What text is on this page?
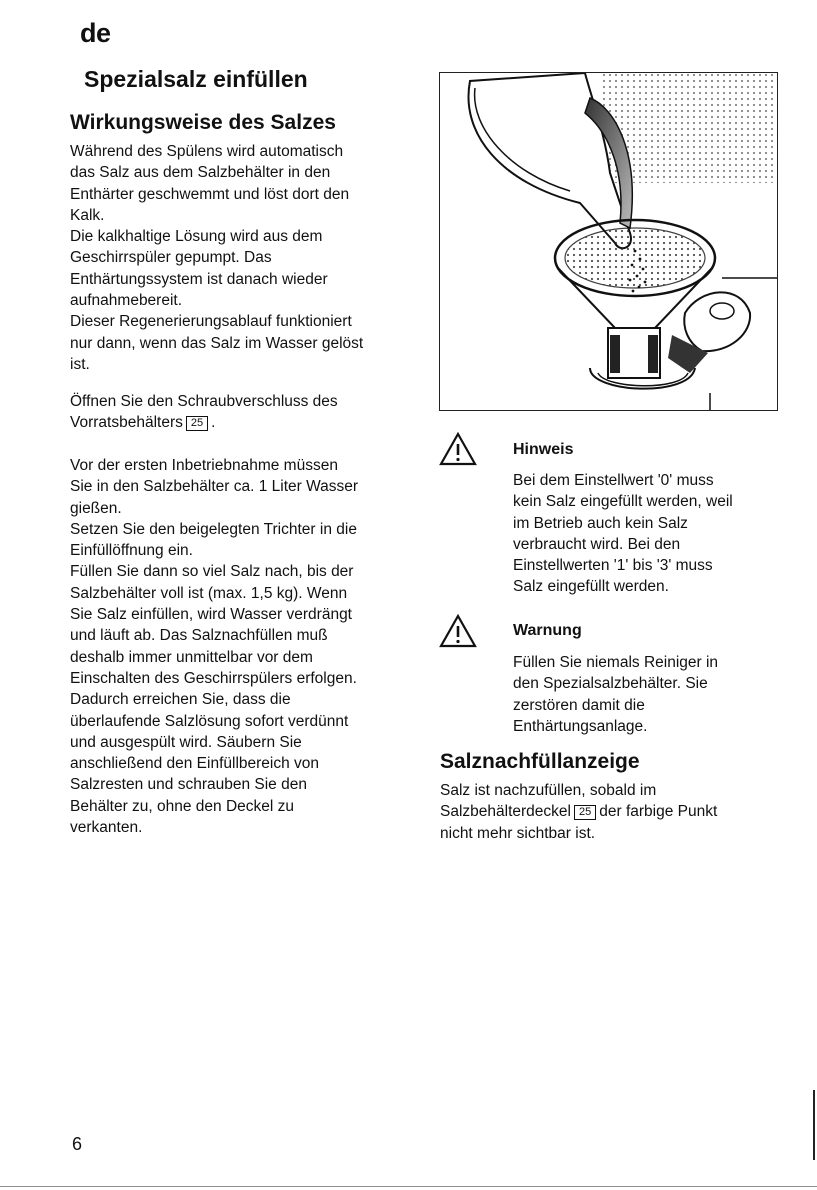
de
Spezialsalz einfüllen
Wirkungsweise des Salzes
Während des Spülens wird automatisch
das Salz aus dem Salzbehälter in den
Enthärter geschwemmt und löst dort den
Kalk.
Die kalkhaltige Lösung wird aus dem
Geschirrspüler gepumpt. Das
Enthärtungssystem ist danach wieder
aufnahmebereit.
Dieser Regenerierungsablauf funktioniert
nur dann, wenn das Salz im Wasser gelöst
ist.
Öffnen Sie den Schraubverschluss des
Vorratsbehälters 25 .
Vor der ersten Inbetriebnahme müssen
Sie in den Salzbehälter ca. 1 Liter Wasser
gießen.
Setzen Sie den beigelegten Trichter in die
Einfüllöffnung ein.
Füllen Sie dann so viel Salz nach, bis der
Salzbehälter voll ist (max. 1,5 kg). Wenn
Sie Salz einfüllen, wird Wasser verdrängt
und läuft ab. Das Salznachfüllen muß
deshalb immer unmittelbar vor dem
Einschalten des Geschirrspülers erfolgen.
Dadurch erreichen Sie, dass die
überlaufende Salzlösung sofort verdünnt
und ausgespült wird. Säubern Sie
anschließend den Einfüllbereich von
Salzresten und schrauben Sie den
Behälter zu, ohne den Deckel zu
verkanten.
Hinweis
Bei dem Einstellwert '0' muss
kein Salz eingefüllt werden, weil
im Betrieb auch kein Salz
verbraucht wird. Bei den
Einstellwerten '1' bis '3' muss
Salz eingefüllt werden.
Warnung
Füllen Sie niemals Reiniger in
den Spezialsalzbehälter. Sie
zerstören damit die
Enthärtungsanlage.
Salznachfüllanzeige
Salz ist nachzufüllen, sobald im
Salzbehälterdeckel 25 der farbige Punkt
nicht mehr sichtbar ist.
6
